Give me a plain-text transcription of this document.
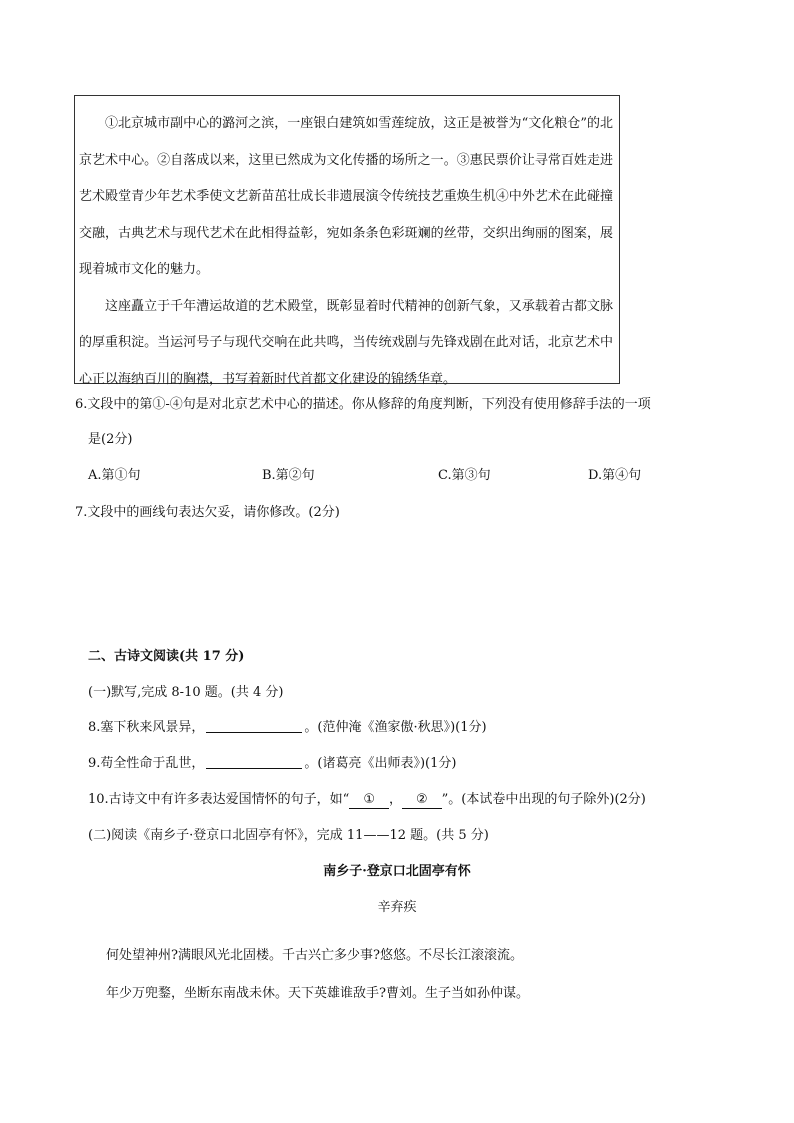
①北京城市副中心的潞河之滨，一座银白建筑如雪莲绽放，这正是被誉为“文化粮仓”的北京艺术中心。②自落成以来，这里已然成为文化传播的场所之一。③惠民票价让寻常百姓走进艺术殿堂青少年艺术季使文艺新苗茁壮成长非遗展演令传统技艺重焕生机④中外艺术在此碰撞交融，古典艺术与现代艺术在此相得益彰，宛如条条色彩斑斓的丝带，交织出绚丽的图案，展现着城市文化的魅力。

这座矗立于千年漕运故道的艺术殿堂，既彰显着时代精神的创新气象，又承载着古都文脉的厚重积淀。当运河号子与现代交响在此共鸣，当传统戏剧与先锋戏剧在此对话，北京艺术中心正以海纳百川的胸襟，书写着新时代首都文化建设的锦绣华章。

6.文段中的第①-④句是对北京艺术中心的描述。你从修辞的角度判断，下列没有使用修辞手法的一项
是(2分)
A.第①句	B.第②句	C.第③句	D.第④句
7.文段中的画线句表达欠妥，请你修改。(2分)
二、古诗文阅读(共 17 分)
(一)默写,完成 8-10 题。(共 4 分)
8.塞下秋来风景异，	。(范仲淹《渔家傲·秋思》)(1分)
9.苟全性命于乱世，	。(诸葛亮《出师表》)(1分)
10.古诗文中有许多表达爱国情怀的句子，如“ ① ， ② ”。(本试卷中出现的句子除外)(2分)
(二)阅读《南乡子·登京口北固亭有怀》，完成 11——12 题。(共 5 分)
南乡子·登京口北固亭有怀
辛弃疾
何处望神州?满眼风光北固楼。千古兴亡多少事?悠悠。不尽长江滚滚流。
年少万兜鍪，坐断东南战未休。天下英雄谁敌手?曹刘。生子当如孙仲谋。
